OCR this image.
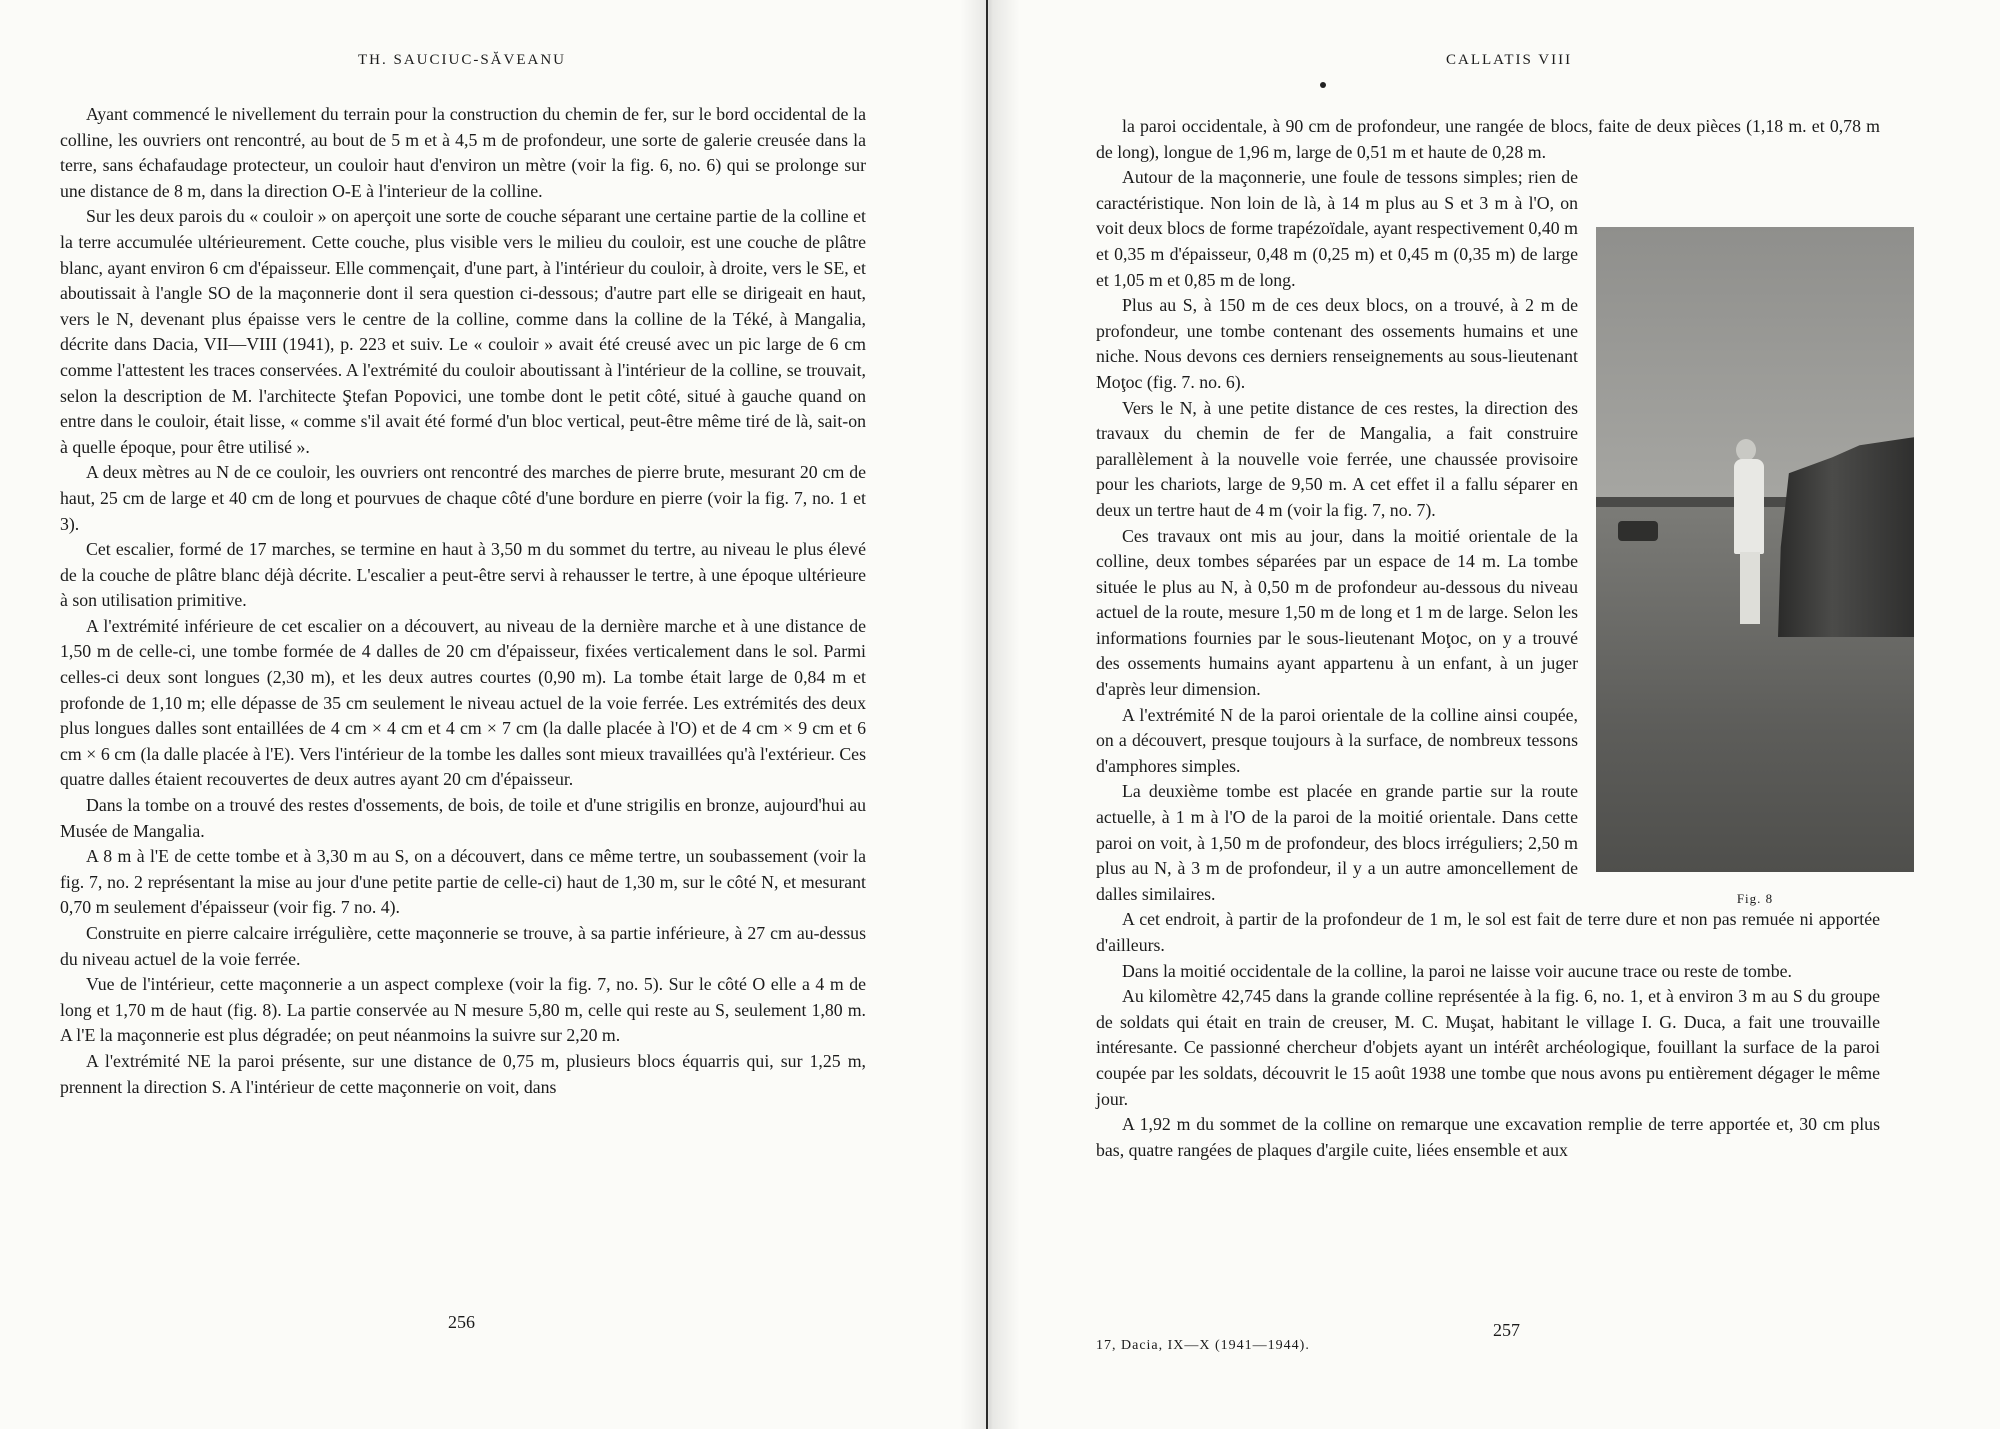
TH. SAUCIUC-SĂVEANU

Ayant commencé le nivellement du terrain pour la construction du chemin de fer, sur le bord occidental de la colline, les ouvriers ont rencontré, au bout de 5 m et à 4,5 m de profondeur, une sorte de galerie creusée dans la terre, sans échafaudage protecteur, un couloir haut d'environ un mètre (voir la fig. 6, no. 6) qui se prolonge sur une distance de 8 m, dans la direction O-E à l'interieur de la colline.

Sur les deux parois du « couloir » on aperçoit une sorte de couche séparant une certaine partie de la colline et la terre accumulée ultérieurement. Cette couche, plus visible vers le milieu du couloir, est une couche de plâtre blanc, ayant environ 6 cm d'épaisseur. Elle commençait, d'une part, à l'intérieur du couloir, à droite, vers le SE, et aboutissait à l'angle SO de la maçonnerie dont il sera question ci-dessous; d'autre part elle se dirigeait en haut, vers le N, devenant plus épaisse vers le centre de la colline, comme dans la colline de la Téké, à Mangalia, décrite dans Dacia, VII—VIII (1941), p. 223 et suiv. Le « couloir » avait été creusé avec un pic large de 6 cm comme l'attestent les traces conservées. A l'extrémité du couloir aboutissant à l'intérieur de la colline, se trouvait, selon la description de M. l'architecte Ştefan Popovici, une tombe dont le petit côté, situé à gauche quand on entre dans le couloir, était lisse, « comme s'il avait été formé d'un bloc vertical, peut-être même tiré de là, sait-on à quelle époque, pour être utilisé ».

A deux mètres au N de ce couloir, les ouvriers ont rencontré des marches de pierre brute, mesurant 20 cm de haut, 25 cm de large et 40 cm de long et pourvues de chaque côté d'une bordure en pierre (voir la fig. 7, no. 1 et 3).

Cet escalier, formé de 17 marches, se termine en haut à 3,50 m du sommet du tertre, au niveau le plus élevé de la couche de plâtre blanc déjà décrite. L'escalier a peut-être servi à rehausser le tertre, à une époque ultérieure à son utilisation primitive.

A l'extrémité inférieure de cet escalier on a découvert, au niveau de la dernière marche et à une distance de 1,50 m de celle-ci, une tombe formée de 4 dalles de 20 cm d'épaisseur, fixées verticalement dans le sol. Parmi celles-ci deux sont longues (2,30 m), et les deux autres courtes (0,90 m). La tombe était large de 0,84 m et profonde de 1,10 m; elle dépasse de 35 cm seulement le niveau actuel de la voie ferrée. Les extrémités des deux plus longues dalles sont entaillées de 4 cm × 4 cm et 4 cm × 7 cm (la dalle placée à l'O) et de 4 cm × 9 cm et 6 cm × 6 cm (la dalle placée à l'E). Vers l'intérieur de la tombe les dalles sont mieux travaillées qu'à l'extérieur. Ces quatre dalles étaient recouvertes de deux autres ayant 20 cm d'épaisseur.

Dans la tombe on a trouvé des restes d'ossements, de bois, de toile et d'une strigilis en bronze, aujourd'hui au Musée de Mangalia.

A 8 m à l'E de cette tombe et à 3,30 m au S, on a découvert, dans ce même tertre, un soubassement (voir la fig. 7, no. 2 représentant la mise au jour d'une petite partie de celle-ci) haut de 1,30 m, sur le côté N, et mesurant 0,70 m seulement d'épaisseur (voir fig. 7 no. 4).

Construite en pierre calcaire irrégulière, cette maçonnerie se trouve, à sa partie inférieure, à 27 cm au-dessus du niveau actuel de la voie ferrée.

Vue de l'intérieur, cette maçonnerie a un aspect complexe (voir la fig. 7, no. 5). Sur le côté O elle a 4 m de long et 1,70 m de haut (fig. 8). La partie conservée au N mesure 5,80 m, celle qui reste au S, seulement 1,80 m. A l'E la maçonnerie est plus dégradée; on peut néanmoins la suivre sur 2,20 m.

A l'extrémité NE la paroi présente, sur une distance de 0,75 m, plusieurs blocs équarris qui, sur 1,25 m, prennent la direction S. A l'intérieur de cette maçonnerie on voit, dans

256
CALLATIS VIII

la paroi occidentale, à 90 cm de profondeur, une rangée de blocs, faite de deux pièces (1,18 m. et 0,78 m de long), longue de 1,96 m, large de 0,51 m et haute de 0,28 m.

Fig. 8

Autour de la maçonnerie, une foule de tessons simples; rien de caractéristique. Non loin de là, à 14 m plus au S et 3 m à l'O, on voit deux blocs de forme trapézoïdale, ayant respectivement 0,40 m et 0,35 m d'épaisseur, 0,48 m (0,25 m) et 0,45 m (0,35 m) de large et 1,05 m et 0,85 m de long.

Plus au S, à 150 m de ces deux blocs, on a trouvé, à 2 m de profondeur, une tombe contenant des ossements humains et une niche. Nous devons ces derniers renseignements au sous-lieutenant Moţoc (fig. 7. no. 6).

Vers le N, à une petite distance de ces restes, la direction des travaux du chemin de fer de Mangalia, a fait construire parallèlement à la nouvelle voie ferrée, une chaussée provisoire pour les chariots, large de 9,50 m. A cet effet il a fallu séparer en deux un tertre haut de 4 m (voir la fig. 7, no. 7).

Ces travaux ont mis au jour, dans la moitié orientale de la colline, deux tombes séparées par un espace de 14 m. La tombe située le plus au N, à 0,50 m de profondeur au-dessous du niveau actuel de la route, mesure 1,50 m de long et 1 m de large. Selon les informations fournies par le sous-lieutenant Moţoc, on y a trouvé des ossements humains ayant appartenu à un enfant, à un juger d'après leur dimension.

A l'extrémité N de la paroi orientale de la colline ainsi coupée, on a découvert, presque toujours à la surface, de nombreux tessons d'amphores simples.

La deuxième tombe est placée en grande partie sur la route actuelle, à 1 m à l'O de la paroi de la moitié orientale. Dans cette paroi on voit, à 1,50 m de profondeur, des blocs irréguliers; 2,50 m plus au N, à 3 m de profondeur, il y a un autre amoncellement de dalles similaires.

A cet endroit, à partir de la profondeur de 1 m, le sol est fait de terre dure et non pas remuée ni apportée d'ailleurs.

Dans la moitié occidentale de la colline, la paroi ne laisse voir aucune trace ou reste de tombe.

Au kilomètre 42,745 dans la grande colline représentée à la fig. 6, no. 1, et à environ 3 m au S du groupe de soldats qui était en train de creuser, M. C. Muşat, habitant le village I. G. Duca, a fait une trouvaille intéresante. Ce passionné chercheur d'objets ayant un intérêt archéologique, fouillant la surface de la paroi coupée par les soldats, découvrit le 15 août 1938 une tombe que nous avons pu entièrement dégager le même jour.

A 1,92 m du sommet de la colline on remarque une excavation remplie de terre apportée et, 30 cm plus bas, quatre rangées de plaques d'argile cuite, liées ensemble et aux

257
17, Dacia, IX—X (1941—1944).
